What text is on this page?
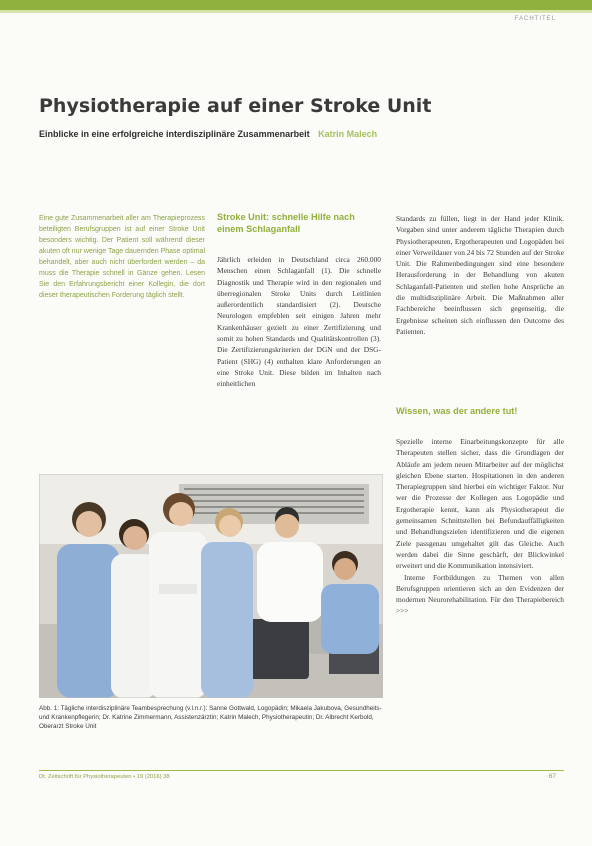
FACHTITEL
Physiotherapie auf einer Stroke Unit
Einblicke in eine erfolgreiche interdisziplinäre Zusammenarbeit Katrin Malech
Eine gute Zusammenarbeit aller am Therapieprozess beteiligten Berufsgruppen ist auf einer Stroke Unit besonders wichtig. Der Patient soll während dieser akuten oft nur wenige Tage dauernden Phase optimal behandelt, aber auch nicht überfordert werden – da muss die Therapie schnell in Gänze gehen. Lesen Sie den Erfahrungsbericht einer Kollegin, die dort dieser therapeutischen Forderung täglich stellt.
Stroke Unit: schnelle Hilfe nach einem Schlaganfall
Jährlich erleiden in Deutschland circa 260.000 Menschen einen Schlaganfall (1). Die schnelle Diagnostik und Therapie wird in den regionalen und überregionalen Stroke Units durch Leitlinien außerordentlich standardisiert (2). Deutsche Neurologen empfehlen seit einigen Jahren mehr Krankenhäuser gezielt zu einer Zertifizierung und somit zu hohen Standards und Qualitätskontrollen (3). Die Zertifizierungskriterien der DGN und der DSG-Patient (SHG) (4) enthalten klare Anforderungen an eine Stroke Unit. Diese bilden im Inhalten nach einheitlichen
Standards zu füllen, liegt in der Hand jeder Klinik. Vorgaben sind unter anderem tägliche Therapien durch Physiotherapeuten, Ergotherapeuten und Logopäden bei einer Verweildauer von 24 bis 72 Stunden auf der Stroke Unit. Die Rahmenbedingungen sind eine besondere Herausforderung in der Behandlung von akuten Schlaganfall-Patienten und stellen hohe Ansprüche an die multidisziplinäre Arbeit. Die Maßnahmen aller Fachbereiche beeinflussen sich gegenseitig, die Ergebnisse scheinen sich einflussen den Outcome des Patienten.
Wissen, was der andere tut!

Spezielle interne Einarbeitungskonzepte für alle Therapeuten stellen sicher, dass die Grundlagen der Abläufe am jedem neuen Mitarbeiter auf der möglichst gleichen Ebene starten. Hospitationen in den anderen Therapiegruppen sind hierbei ein wichtiger Faktor. Nur wer die Prozesse der Kollegen aus Logopädie und Ergotherapie kennt, kann als Physiotherapeut die gemeinsamen Schnittstellen bei Befundauffälligkeiten und Behandlungszielen identifizieren und die eigenen Ziele passgenau umgehaltet gilt das Gleiche. Auch werden dabei die Sinne geschärft, der Blickwinkel erweitert und die Kommunikation intensiviert.

Interne Fortbildungen zu Themen von allen Berufsgruppen orientieren sich an den Evidenzen der modernen Neurorehabilitation. Für den Therapiebereich >>>

Abb. 1: Tägliche interdisziplinäre Teambesprechung (v.l.n.r.): Sanne Gottwald, Logopädin; Mikaela Jakubova, Gesundheits- und Krankenpflegerin; Dr. Katrine Zimmermann, Assistenzärztin; Katrin Malech, Physiotherapeutin; Dr. Albrecht Kerbold, Oberarzt Stroke Unit
Dt. Zeitschrift für Physiotherapeuten • 19 (2016) 38	67
